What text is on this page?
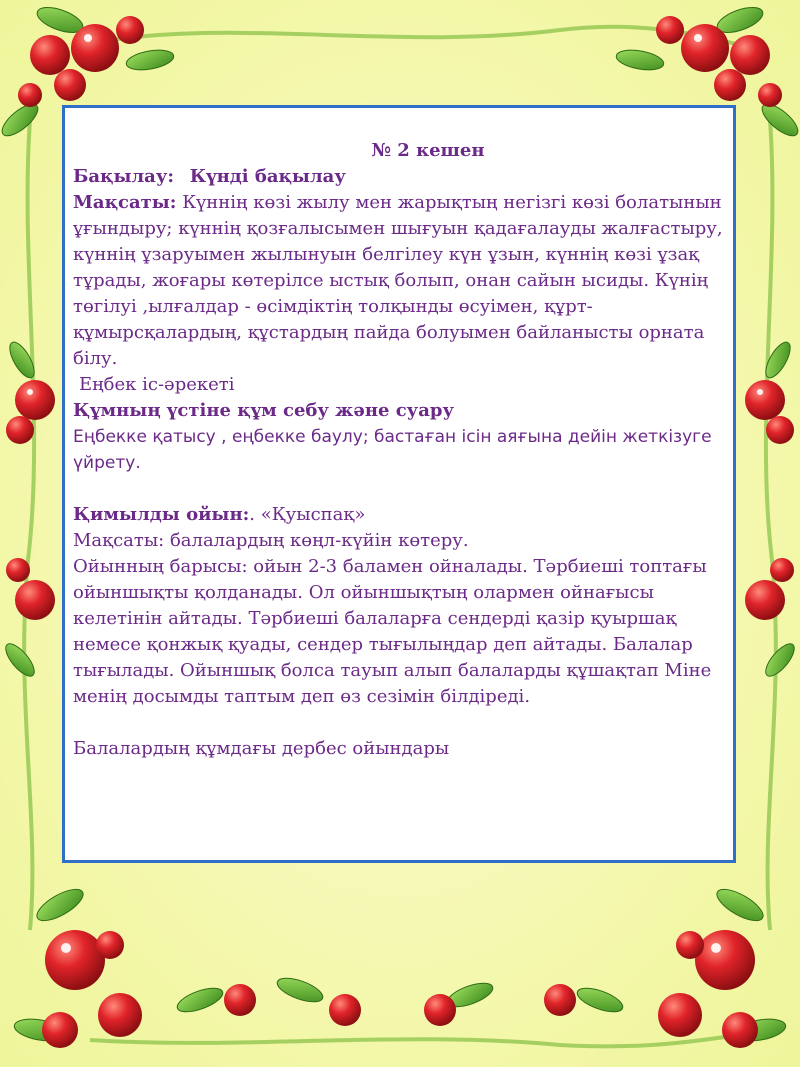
№ 2 кешен

Бақылау: Күнді бақылау

Мақсаты: Күннің көзі жылу мен жарықтың негізгі көзі болатынын ұғындыру; күннің қозғалысымен шығуын қадағалауды жалғастыру, күннің ұзаруымен жылынуын белгілеу күн ұзын, күннің көзі ұзақ тұрады, жоғары көтерілсе ыстық болып, онан сайын ысиды. Күнің төгілуі ,ылғалдар - өсімдіктің толқынды өсуімен, құрт- құмырсқалардың, құстардың пайда болуымен байланысты орната білу.

Еңбек іс-әрекеті

Құмның үстіне құм себу және суару

Еңбекке қатысу , еңбекке баулу; бастаған ісін аяғына дейін жеткізуге үйрету.

Қимылды ойын:. «Қуыспақ»

Мақсаты: балалардың көңл-күйін көтеру.

Ойынның барысы: ойын 2-3 баламен ойналады. Тәрбиеші топтағы ойыншықты қолданады. Ол ойыншықтың олармен ойнағысы келетінін айтады. Тәрбиеші балаларға сендерді қазір қуыршақ немесе қонжық қуады, сендер тығылыңдар деп айтады. Балалар тығылады. Ойыншық болса тауып алып балаларды құшақтап Міне менің досымды таптым деп өз сезімін білдіреді.

Балалардың құмдағы дербес ойындары
